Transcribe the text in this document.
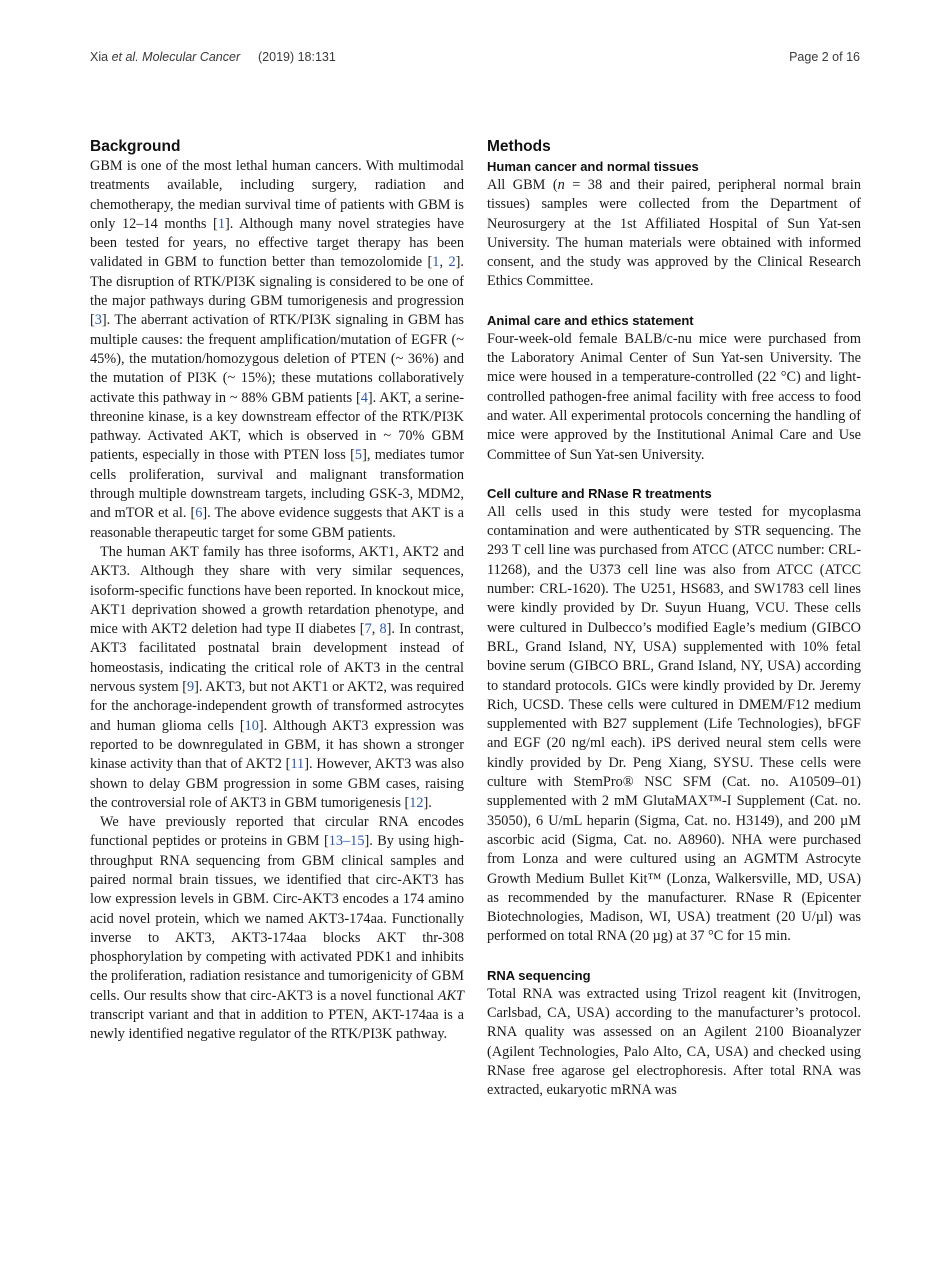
Xia et al. Molecular Cancer (2019) 18:131	Page 2 of 16
Background

GBM is one of the most lethal human cancers. With multimodal treatments available, including surgery, radiation and chemotherapy, the median survival time of patients with GBM is only 12–14 months [1]. Although many novel strategies have been tested for years, no effective target therapy has been validated in GBM to function better than temozolomide [1, 2]. The disruption of RTK/PI3K signaling is considered to be one of the major pathways during GBM tumorigenesis and progression [3]. The aberrant activation of RTK/PI3K signaling in GBM has multiple causes: the frequent amplification/mutation of EGFR (~ 45%), the mutation/homozygous deletion of PTEN (~ 36%) and the mutation of PI3K (~ 15%); these mutations collaboratively activate this pathway in ~ 88% GBM patients [4]. AKT, a serine-threonine kinase, is a key downstream effector of the RTK/PI3K pathway. Activated AKT, which is observed in ~ 70% GBM patients, especially in those with PTEN loss [5], mediates tumor cells proliferation, survival and malignant transformation through multiple downstream targets, including GSK-3, MDM2, and mTOR et al. [6]. The above evidence suggests that AKT is a reasonable therapeutic target for some GBM patients.

The human AKT family has three isoforms, AKT1, AKT2 and AKT3. Although they share with very similar sequences, isoform-specific functions have been reported. In knockout mice, AKT1 deprivation showed a growth retardation phenotype, and mice with AKT2 deletion had type II diabetes [7, 8]. In contrast, AKT3 facilitated postnatal brain development instead of homeostasis, indicating the critical role of AKT3 in the central nervous system [9]. AKT3, but not AKT1 or AKT2, was required for the anchorage-independent growth of transformed astrocytes and human glioma cells [10]. Although AKT3 expression was reported to be downregulated in GBM, it has shown a stronger kinase activity than that of AKT2 [11]. However, AKT3 was also shown to delay GBM progression in some GBM cases, raising the controversial role of AKT3 in GBM tumorigenesis [12].

We have previously reported that circular RNA encodes functional peptides or proteins in GBM [13–15]. By using high-throughput RNA sequencing from GBM clinical samples and paired normal brain tissues, we identified that circ-AKT3 has low expression levels in GBM. Circ-AKT3 encodes a 174 amino acid novel protein, which we named AKT3-174aa. Functionally inverse to AKT3, AKT3-174aa blocks AKT thr-308 phosphorylation by competing with activated PDK1 and inhibits the proliferation, radiation resistance and tumorigenicity of GBM cells. Our results show that circ-AKT3 is a novel functional AKT transcript variant and that in addition to PTEN, AKT-174aa is a newly identified negative regulator of the RTK/PI3K pathway.

Methods
Human cancer and normal tissues

All GBM (n = 38 and their paired, peripheral normal brain tissues) samples were collected from the Department of Neurosurgery at the 1st Affiliated Hospital of Sun Yat-sen University. The human materials were obtained with informed consent, and the study was approved by the Clinical Research Ethics Committee.

Animal care and ethics statement

Four-week-old female BALB/c-nu mice were purchased from the Laboratory Animal Center of Sun Yat-sen University. The mice were housed in a temperature-controlled (22 °C) and light-controlled pathogen-free animal facility with free access to food and water. All experimental protocols concerning the handling of mice were approved by the Institutional Animal Care and Use Committee of Sun Yat-sen University.

Cell culture and RNase R treatments

All cells used in this study were tested for mycoplasma contamination and were authenticated by STR sequencing. The 293 T cell line was purchased from ATCC (ATCC number: CRL-11268), and the U373 cell line was also from ATCC (ATCC number: CRL-1620). The U251, HS683, and SW1783 cell lines were kindly provided by Dr. Suyun Huang, VCU. These cells were cultured in Dulbecco’s modified Eagle’s medium (GIBCO BRL, Grand Island, NY, USA) supplemented with 10% fetal bovine serum (GIBCO BRL, Grand Island, NY, USA) according to standard protocols. GICs were kindly provided by Dr. Jeremy Rich, UCSD. These cells were cultured in DMEM/F12 medium supplemented with B27 supplement (Life Technologies), bFGF and EGF (20 ng/ml each). iPS derived neural stem cells were kindly provided by Dr. Peng Xiang, SYSU. These cells were culture with StemPro® NSC SFM (Cat. no. A10509–01) supplemented with 2 mM GlutaMAX™-I Supplement (Cat. no. 35050), 6 U/mL heparin (Sigma, Cat. no. H3149), and 200 µM ascorbic acid (Sigma, Cat. no. A8960). NHA were purchased from Lonza and were cultured using an AGMTM Astrocyte Growth Medium Bullet Kit™ (Lonza, Walkersville, MD, USA) as recommended by the manufacturer. RNase R (Epicenter Biotechnologies, Madison, WI, USA) treatment (20 U/µl) was performed on total RNA (20 µg) at 37 °C for 15 min.

RNA sequencing

Total RNA was extracted using Trizol reagent kit (Invitrogen, Carlsbad, CA, USA) according to the manufacturer’s protocol. RNA quality was assessed on an Agilent 2100 Bioanalyzer (Agilent Technologies, Palo Alto, CA, USA) and checked using RNase free agarose gel electrophoresis. After total RNA was extracted, eukaryotic mRNA was
